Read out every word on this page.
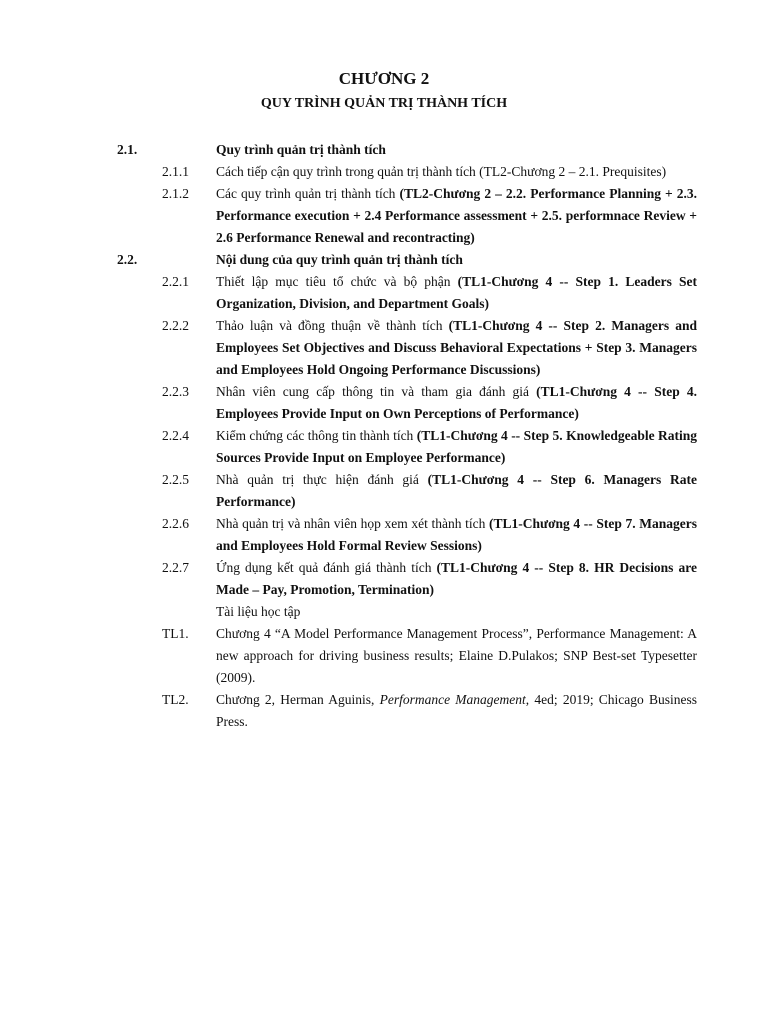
CHƯƠNG 2
QUY TRÌNH QUẢN TRỊ THÀNH TÍCH
2.1.	Quy trình quản trị thành tích
2.1.1 Cách tiếp cận quy trình trong quản trị thành tích (TL2-Chương 2 – 2.1. Prequisites)
2.1.2 Các quy trình quản trị thành tích (TL2-Chương 2 – 2.2. Performance Planning + 2.3. Performance execution + 2.4 Performance assessment + 2.5. performnace Review + 2.6 Performance Renewal and recontracting)
2.2.	Nội dung của quy trình quản trị thành tích
2.2.1 Thiết lập mục tiêu tổ chức và bộ phận (TL1-Chương 4 -- Step 1. Leaders Set Organization, Division, and Department Goals)
2.2.2 Thảo luận và đồng thuận về thành tích (TL1-Chương 4 -- Step 2. Managers and Employees Set Objectives and Discuss Behavioral Expectations + Step 3. Managers and Employees Hold Ongoing Performance Discussions)
2.2.3 Nhân viên cung cấp thông tin và tham gia đánh giá (TL1-Chương 4 -- Step 4. Employees Provide Input on Own Perceptions of Performance)
2.2.4 Kiểm chứng các thông tin thành tích (TL1-Chương 4 -- Step 5. Knowledgeable Rating Sources Provide Input on Employee Performance)
2.2.5 Nhà quản trị thực hiện đánh giá (TL1-Chương 4 -- Step 6. Managers Rate Performance)
2.2.6 Nhà quản trị và nhân viên họp xem xét thành tích (TL1-Chương 4 -- Step 7. Managers and Employees Hold Formal Review Sessions)
2.2.7 Ứng dụng kết quả đánh giá thành tích (TL1-Chương 4 -- Step 8. HR Decisions are Made – Pay, Promotion, Termination)
Tài liệu học tập
TL1. Chương 4 “A Model Performance Management Process”, Performance Management: A new approach for driving business results; Elaine D.Pulakos; SNP Best-set Typesetter (2009).
TL2. Chương 2, Herman Aguinis, Performance Management, 4ed; 2019; Chicago Business Press.
